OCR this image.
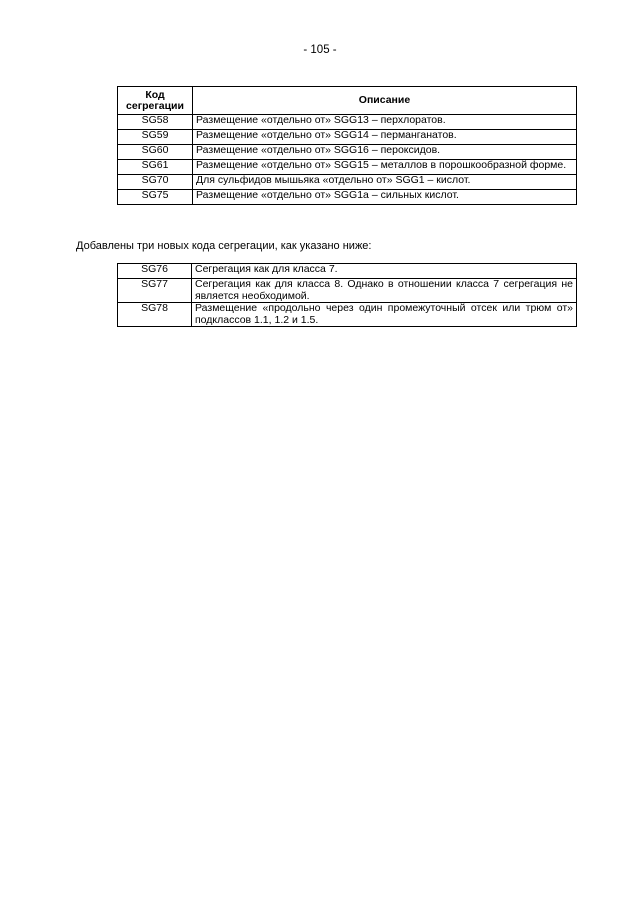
- 105 -
Код
сегрегации	Описание
SG58	Размещение «отдельно от» SGG13 – перхлоратов.
SG59	Размещение «отдельно от» SGG14 – перманганатов.
SG60	Размещение «отдельно от» SGG16 – пероксидов.
SG61	Размещение «отдельно от» SGG15 – металлов в порошкообразной форме.
SG70	Для сульфидов мышьяка «отдельно от» SGG1 – кислот.
SG75	Размещение «отдельно от» SGG1a – сильных кислот.
Добавлены три новых кода сегрегации, как указано ниже:
SG76	Сегрегация как для класса 7.
SG77	Сегрегация как для класса 8. Однако в отношении класса 7 сегрегация не является необходимой.
SG78	Размещение «продольно через один промежуточный отсек или трюм от» подклассов 1.1, 1.2 и 1.5.
